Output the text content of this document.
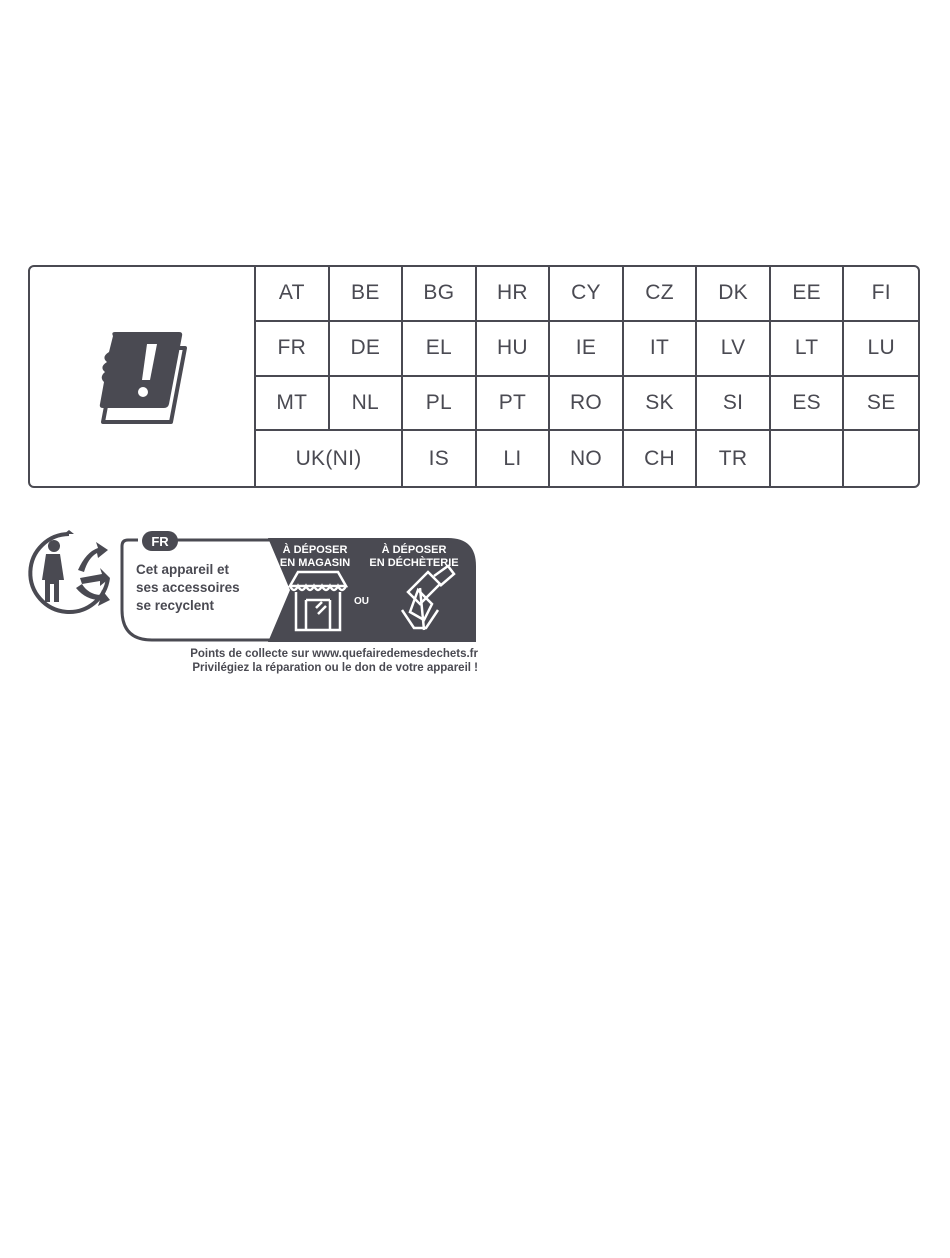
AT	BE	BG	HR	CY	CZ	DK	EE	FI
FR	DE	EL	HU	IE	IT	LV	LT	LU
MT	NL	PL	PT	RO	SK	SI	ES	SE
UK(NI)	IS	LI	NO	CH	TR
FR
Cet appareil et
ses accessoires
se recyclent
À DÉPOSER
EN MAGASIN
À DÉPOSER
EN DÉCHÈTERIE
OU
Points de collecte sur www.quefairedemesdechets.fr
Privilégiez la réparation ou le don de votre appareil !
